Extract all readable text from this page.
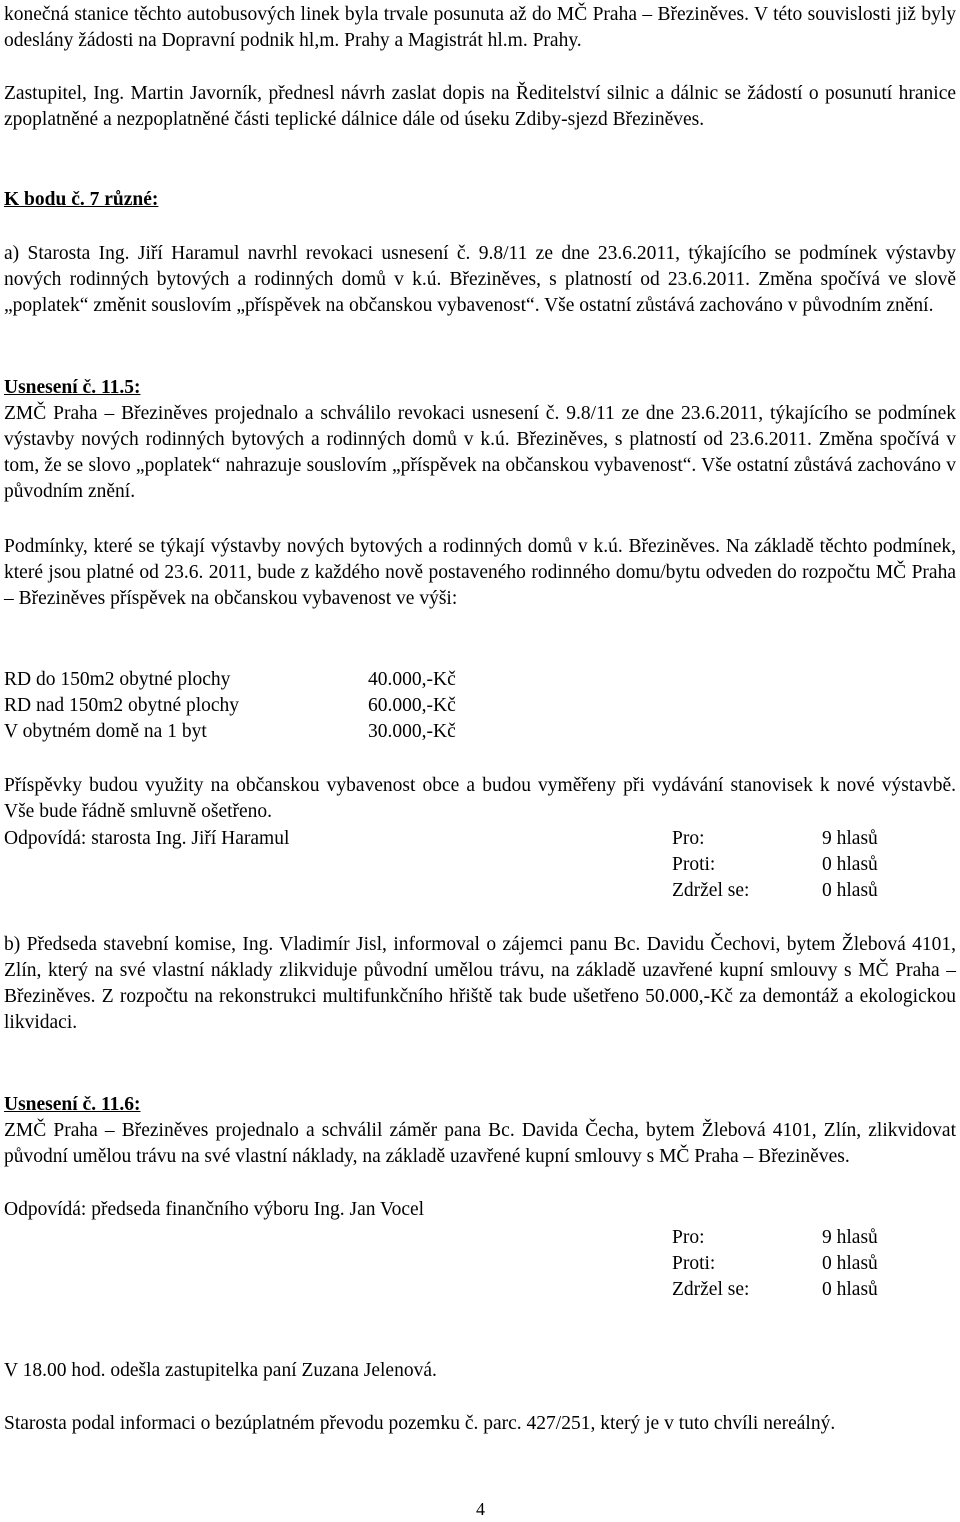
konečná stanice těchto autobusových linek byla trvale posunuta až do MČ Praha – Březiněves. V této souvislosti již byly odeslány žádosti na Dopravní podnik hl,m. Prahy a Magistrát hl.m. Prahy.

Zastupitel, Ing. Martin Javorník, přednesl návrh zaslat dopis na Ředitelství silnic a dálnic se žádostí o posunutí hranice zpoplatněné a nezpoplatněné části teplické dálnice dále od úseku Zdiby-sjezd Březiněves.

K bodu č. 7 různé:

a) Starosta Ing. Jiří Haramul navrhl revokaci usnesení č. 9.8/11 ze dne 23.6.2011, týkajícího se podmínek výstavby nových rodinných bytových a rodinných domů v k.ú. Březiněves, s platností od 23.6.2011. Změna spočívá ve slově „poplatek“ změnit souslovím „příspěvek na občanskou vybavenost“. Vše ostatní zůstává zachováno v původním znění.

Usnesení č. 11.5:

ZMČ Praha – Březiněves projednalo a schválilo revokaci usnesení č. 9.8/11 ze dne 23.6.2011, týkajícího se podmínek výstavby nových rodinných bytových a rodinných domů v k.ú. Březiněves, s platností od 23.6.2011. Změna spočívá v tom, že se slovo „poplatek“ nahrazuje souslovím „příspěvek na občanskou vybavenost“. Vše ostatní zůstává zachováno v původním znění.

Podmínky, které se týkají výstavby nových bytových a rodinných domů v k.ú. Březiněves. Na základě těchto podmínek, které jsou platné od 23.6. 2011, bude z každého nově postaveného rodinného domu/bytu odveden do rozpočtu MČ Praha – Březiněves příspěvek na občanskou vybavenost ve výši:

RD do 150m2 obytné plochy	40.000,-Kč
RD nad 150m2 obytné plochy	60.000,-Kč
V obytném domě na 1 byt	30.000,-Kč

Příspěvky budou využity na občanskou vybavenost obce a budou vyměřeny při vydávání stanovisek k nové výstavbě. Vše bude řádně smluvně ošetřeno.

Odpovídá: starosta Ing. Jiří Haramul	Pro:	9 hlasů
Proti:	0 hlasů
Zdržel se:	0 hlasů

b) Předseda stavební komise, Ing. Vladimír Jisl, informoval o zájemci panu Bc. Davidu Čechovi, bytem Žlebová 4101, Zlín, který na své vlastní náklady zlikviduje původní umělou trávu, na základě uzavřené kupní smlouvy s MČ Praha – Březiněves. Z rozpočtu na rekonstrukci multifunkčního hřiště tak bude ušetřeno 50.000,-Kč za demontáž a ekologickou likvidaci.

Usnesení č. 11.6:

ZMČ Praha – Březiněves projednalo a schválil záměr pana Bc. Davida Čecha, bytem Žlebová 4101, Zlín, zlikvidovat původní umělou trávu na své vlastní náklady, na základě uzavřené kupní smlouvy s MČ Praha – Březiněves.

Odpovídá: předseda finančního výboru Ing. Jan Vocel
Pro:	9 hlasů
Proti:	0 hlasů
Zdržel se:	0 hlasů

V 18.00 hod. odešla zastupitelka paní Zuzana Jelenová.

Starosta podal informaci o bezúplatném převodu pozemku č. parc. 427/251, který je v tuto chvíli nereálný.

4
